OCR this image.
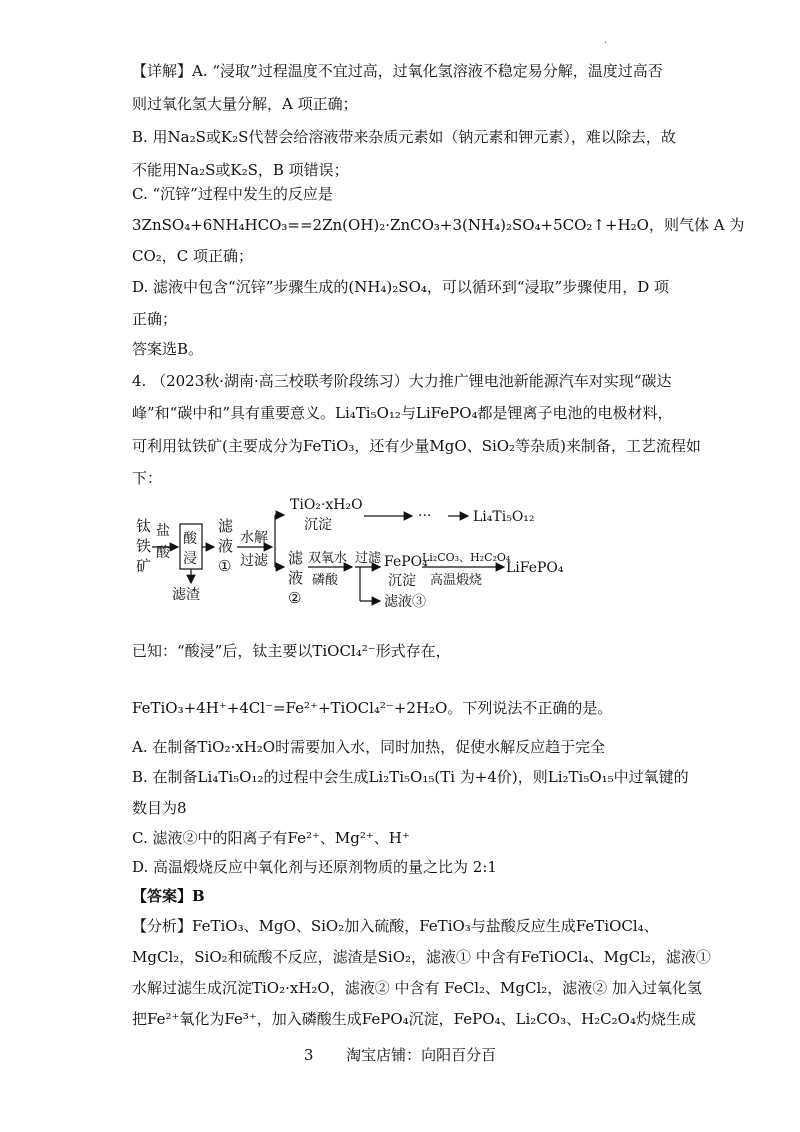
·
【详解】A. “浸取”过程温度不宜过高，过氧化氢溶液不稳定易分解，温度过高否
则过氧化氢大量分解，A 项正确；
B. 用Na₂S或K₂S代替会给溶液带来杂质元素如（钠元素和钾元素），难以除去，故
不能用Na₂S或K₂S，B 项错误；
C. “沉锌”过程中发生的反应是
3ZnSO₄+6NH₄HCO₃==2Zn(OH)₂·ZnCO₃+3(NH₄)₂SO₄+5CO₂↑+H₂O，则气体 A 为
CO₂，C 项正确；
D. 滤液中包含“沉锌”步骤生成的(NH₄)₂SO₄，可以循环到“浸取”步骤使用，D 项
正确；
答案选B。
4. （2023秋·湖南·高三校联考阶段练习）大力推广锂电池新能源汽车对实现“碳达
峰”和“碳中和”具有重要意义。Li₄Ti₅O₁₂与LiFePO₄都是锂离子电池的电极材料，
可利用钛铁矿(主要成分为FeTiO₃，还有少量MgO、SiO₂等杂质)来制备，工艺流程如
下：
钛
铁
矿
盐
酸
酸
浸
滤渣
滤
液
①
水解
过滤
TiO₂·xH₂O
沉淀
···	Li₄Ti₅O₁₂
滤
液
②
双氧水
磷酸
过滤
滤液③
FePO₄
沉淀
Li₂CO₃、H₂C₂O₄
高温煅烧
LiFePO₄
已知：“酸浸”后，钛主要以TiOCl₄²⁻形式存在，
FeTiO₃+4H⁺+4Cl⁻=Fe²⁺+TiOCl₄²⁻+2H₂O。下列说法不正确的是。
A. 在制备TiO₂·xH₂O时需要加入水，同时加热，促使水解反应趋于完全
B. 在制备Li₄Ti₅O₁₂的过程中会生成Li₂Ti₅O₁₅(Ti 为+4价)，则Li₂Ti₅O₁₅中过氧键的
数目为8
C. 滤液②中的阳离子有Fe²⁺、Mg²⁺、H⁺
D. 高温煅烧反应中氧化剂与还原剂物质的量之比为 2:1
【答案】B
【分析】FeTiO₃、MgO、SiO₂加入硫酸，FeTiO₃与盐酸反应生成FeTiOCl₄、
MgCl₂，SiO₂和硫酸不反应，滤渣是SiO₂，滤液① 中含有FeTiOCl₄、MgCl₂，滤液①
水解过滤生成沉淀TiO₂·xH₂O，滤液② 中含有 FeCl₂、MgCl₂，滤液② 加入过氧化氢
把Fe²⁺氧化为Fe³⁺，加入磷酸生成FePO₄沉淀，FePO₄、Li₂CO₃、H₂C₂O₄灼烧生成
3 淘宝店铺：向阳百分百
